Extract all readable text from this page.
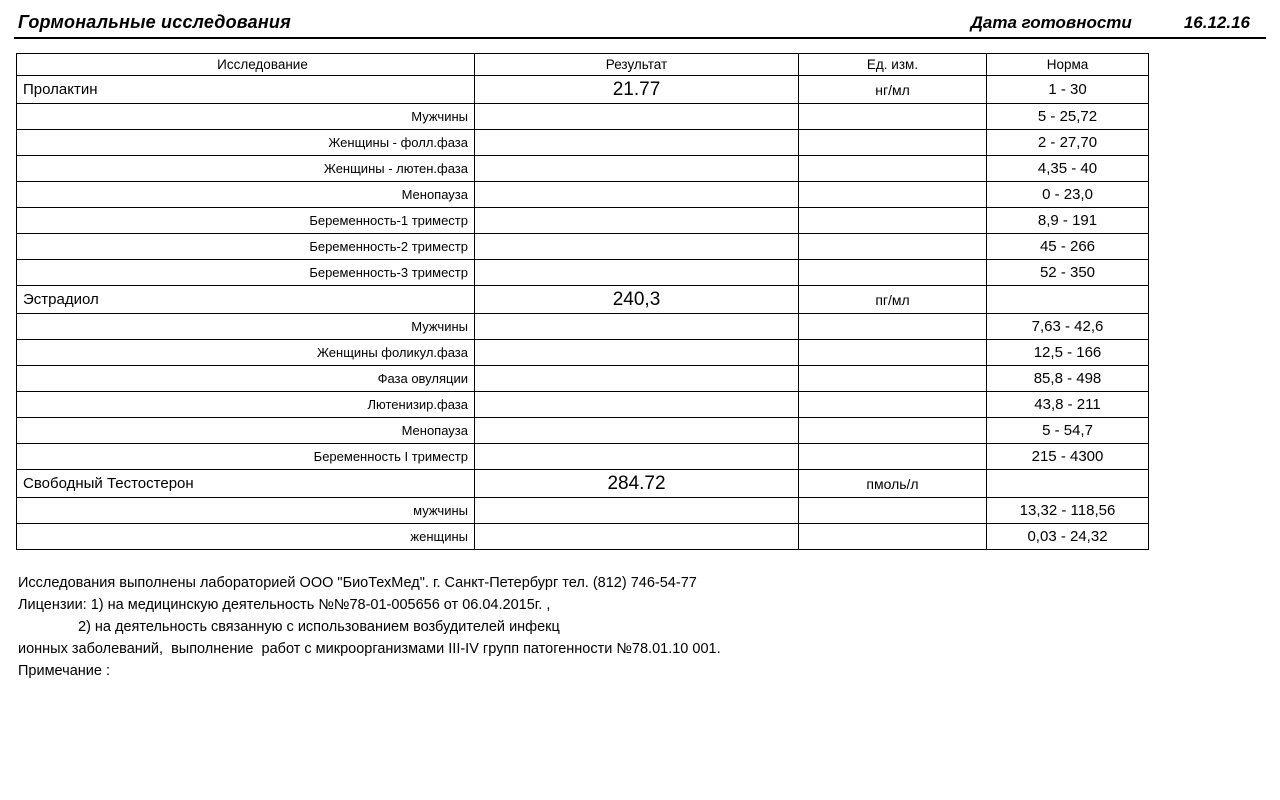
Гормональные исследования	Дата готовности	16.12.16
Исследование	Результат	Ед. изм.	Норма
Пролактин	21.77	нг/мл	1 - 30
Мужчины			5 - 25,72
Женщины - фолл.фаза			2 - 27,70
Женщины - лютен.фаза			4,35 - 40
Менопауза			0 - 23,0
Беременность-1 триместр			8,9 - 191
Беременность-2 триместр			45 - 266
Беременность-3 триместр			52 - 350
Эстрадиол	240,3	пг/мл	
Мужчины			7,63 - 42,6
Женщины фоликул.фаза			12,5 - 166
Фаза овуляции			85,8 - 498
Лютенизир.фаза			43,8 - 211
Менопауза			5 - 54,7
Беременность I триместр			215 - 4300
Свободный Тестостерон	284.72	пмоль/л	
мужчины			13,32 - 118,56
женщины			0,03 - 24,32
Исследования выполнены лабораторией ООО "БиоТехМед". г. Санкт-Петербург тел. (812) 746-54-77
Лицензии: 1) на медицинскую деятельность №№78-01-005656 от 06.04.2015г. ,
2) на деятельность связанную с использованием возбудителей инфекц
ионных заболеваний,  выполнение  работ с микроорганизмами III-IV групп патогенности №78.01.10 001.
Примечание :
